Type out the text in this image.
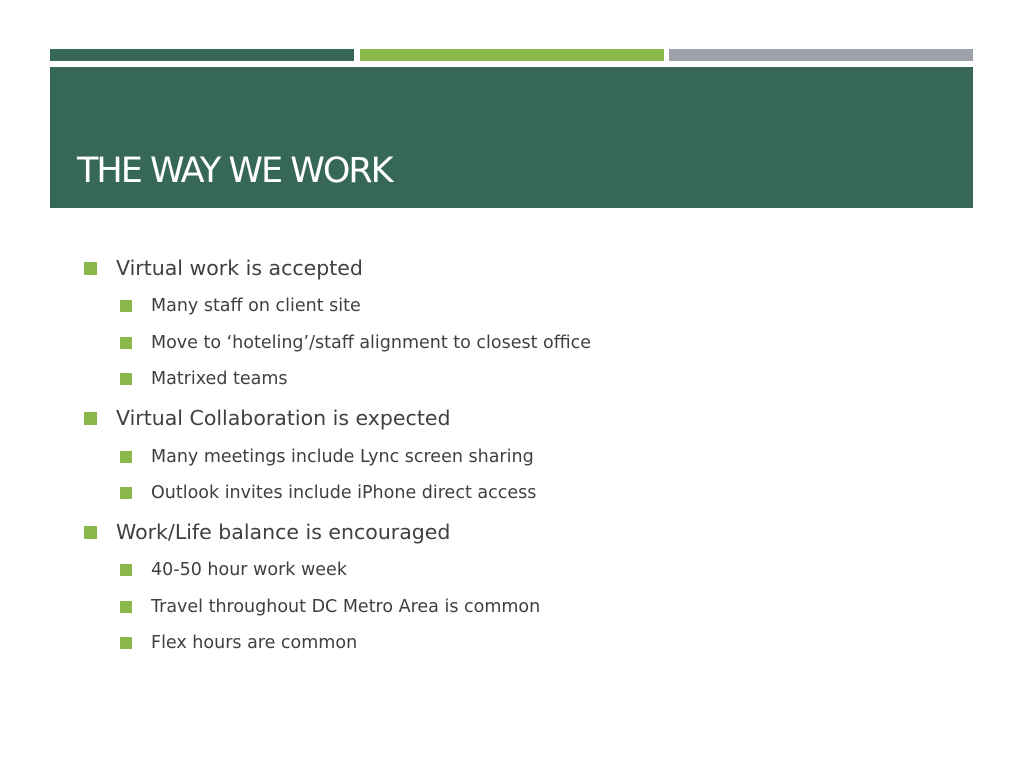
THE WAY WE WORK
Virtual work is accepted
Many staff on client site
Move to ‘hoteling’/staff alignment to closest office
Matrixed teams
Virtual Collaboration is expected
Many meetings include Lync screen sharing
Outlook invites include iPhone direct access
Work/Life balance is encouraged
40-50 hour work week
Travel throughout DC Metro Area is common
Flex hours are common
